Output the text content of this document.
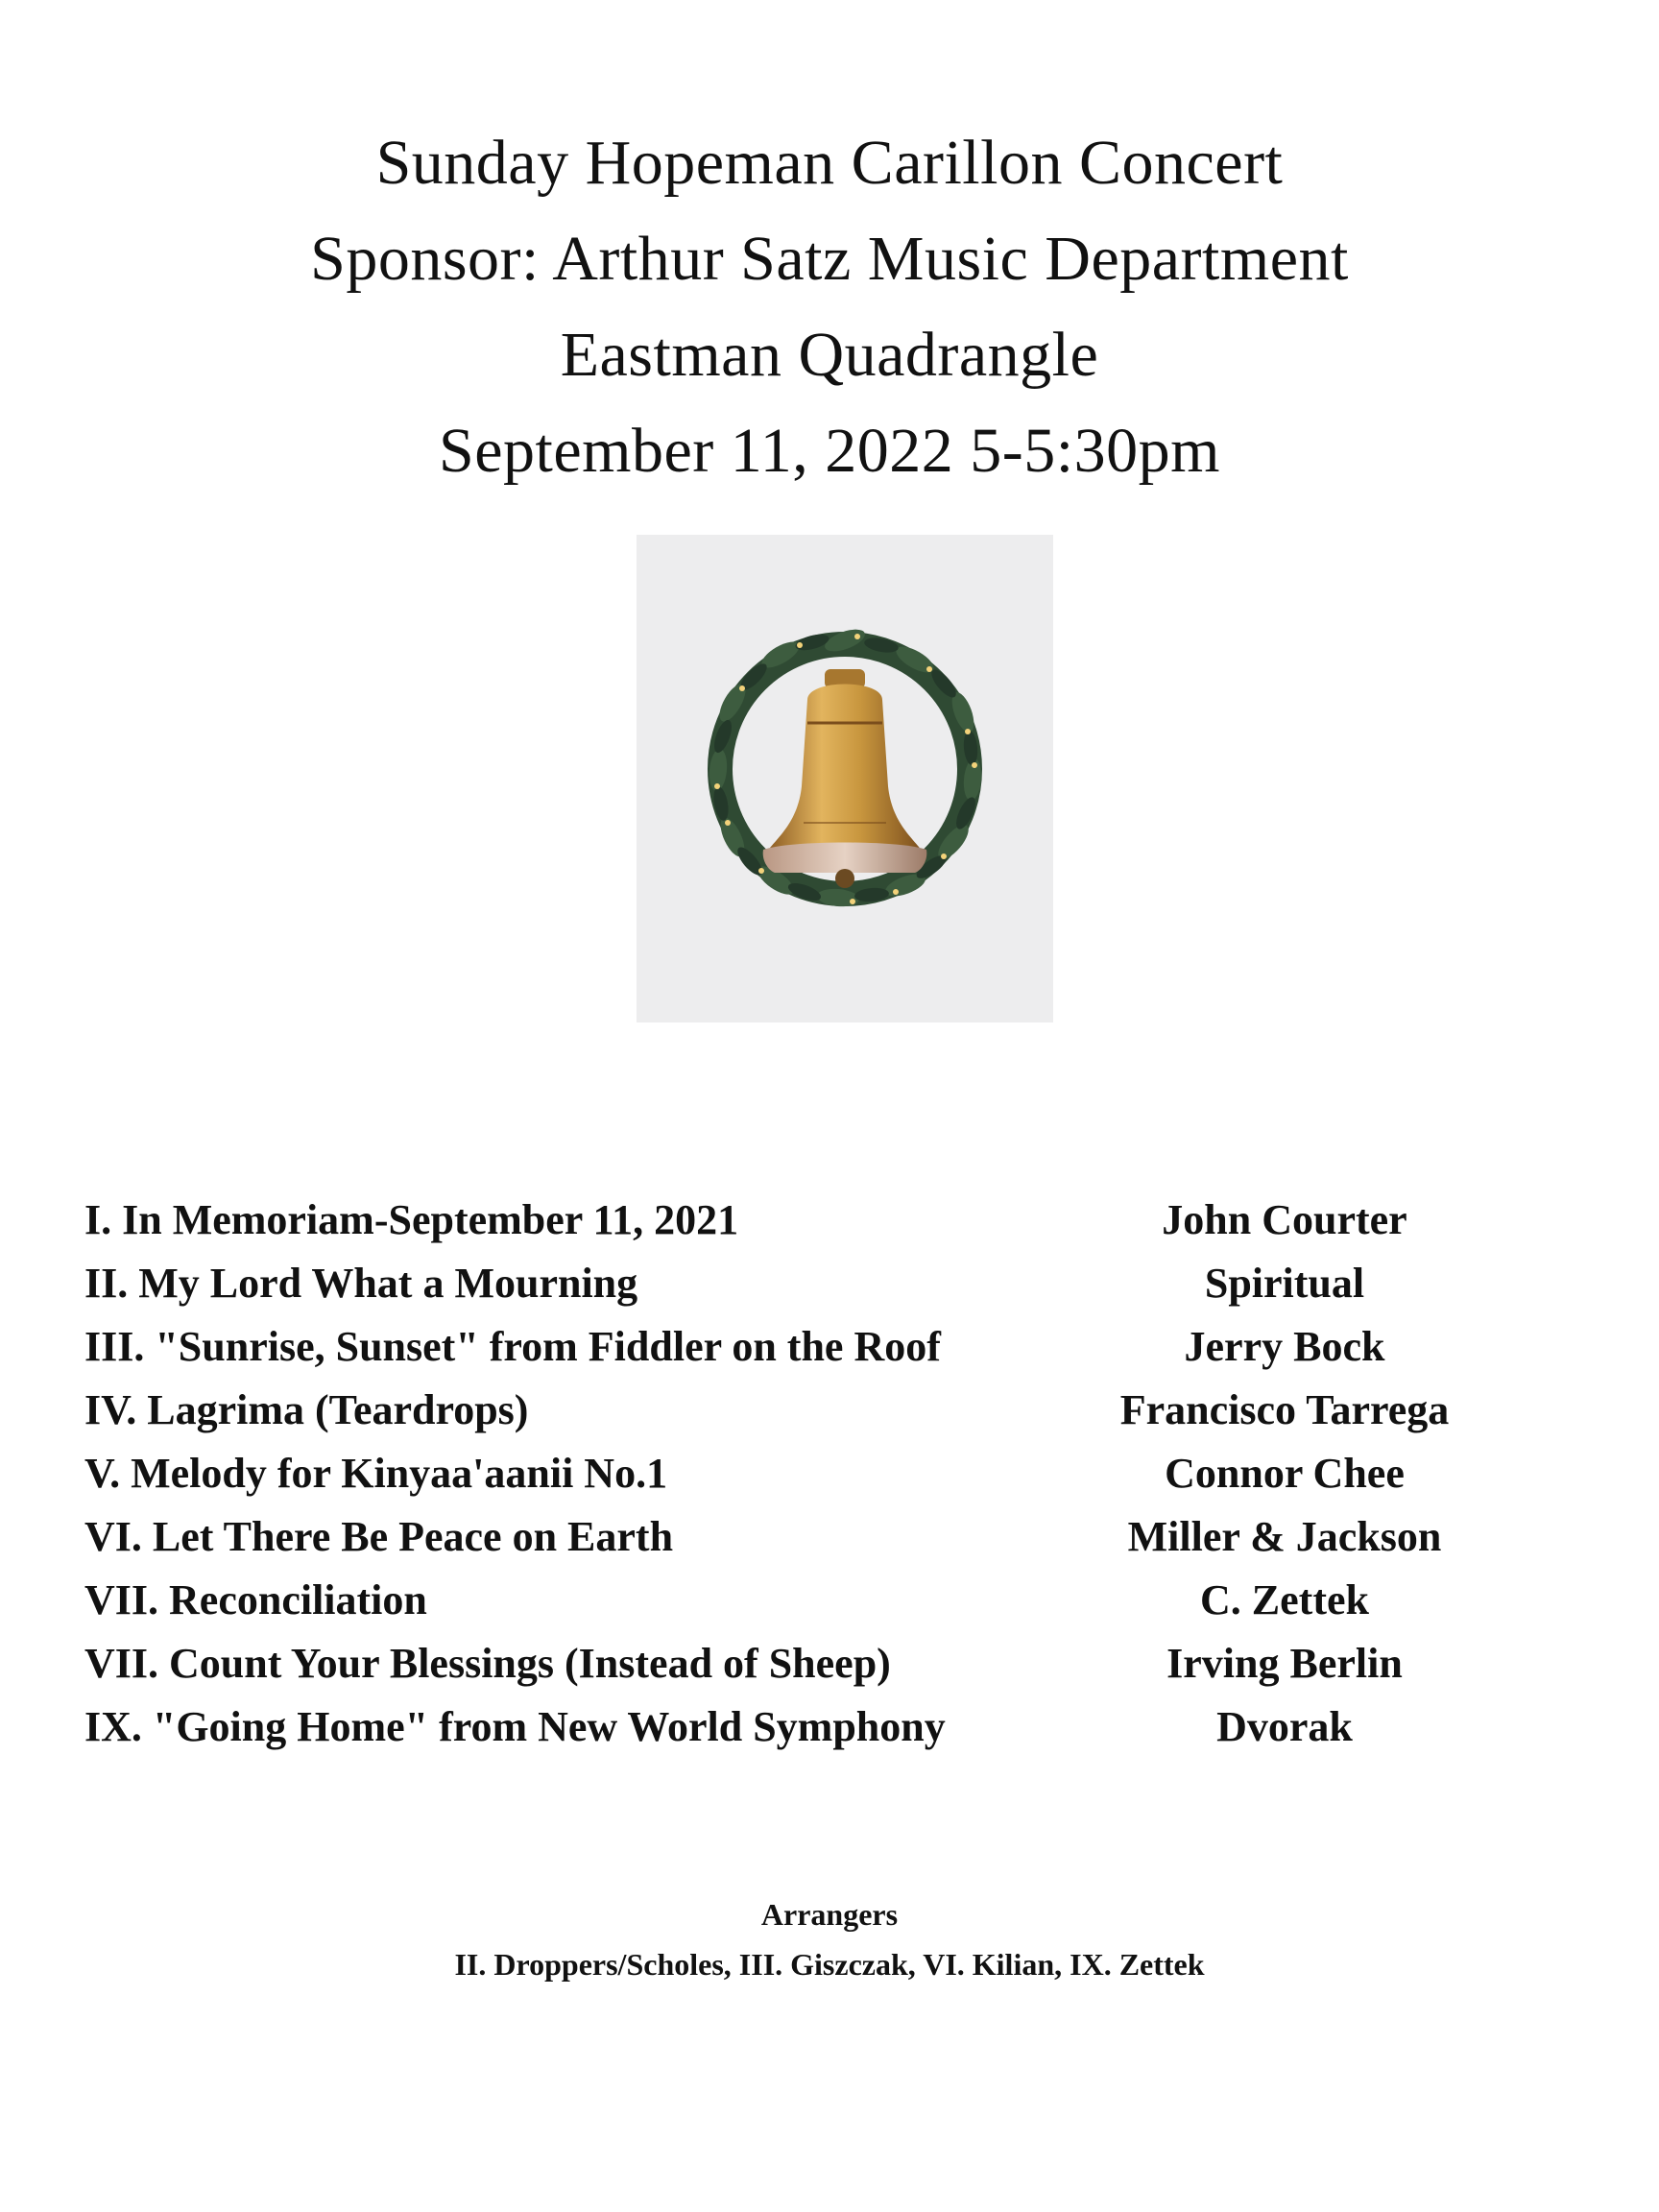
Sunday Hopeman Carillon Concert
Sponsor: Arthur Satz Music Department
Eastman Quadrangle
September 11, 2022 5-5:30pm
I. In Memoriam-September 11, 2021	John Courter
II. My Lord What a Mourning	Spiritual
III. "Sunrise, Sunset" from Fiddler on the Roof	Jerry Bock
IV. Lagrima (Teardrops)	Francisco Tarrega
V. Melody for Kinyaa'aanii No.1	Connor Chee
VI. Let There Be Peace on Earth	Miller & Jackson
VII. Reconciliation	C. Zettek
VII. Count Your Blessings (Instead of Sheep)	Irving Berlin
IX. "Going Home" from New World Symphony	Dvorak
Arrangers
II. Droppers/Scholes, III. Giszczak, VI. Kilian, IX. Zettek
